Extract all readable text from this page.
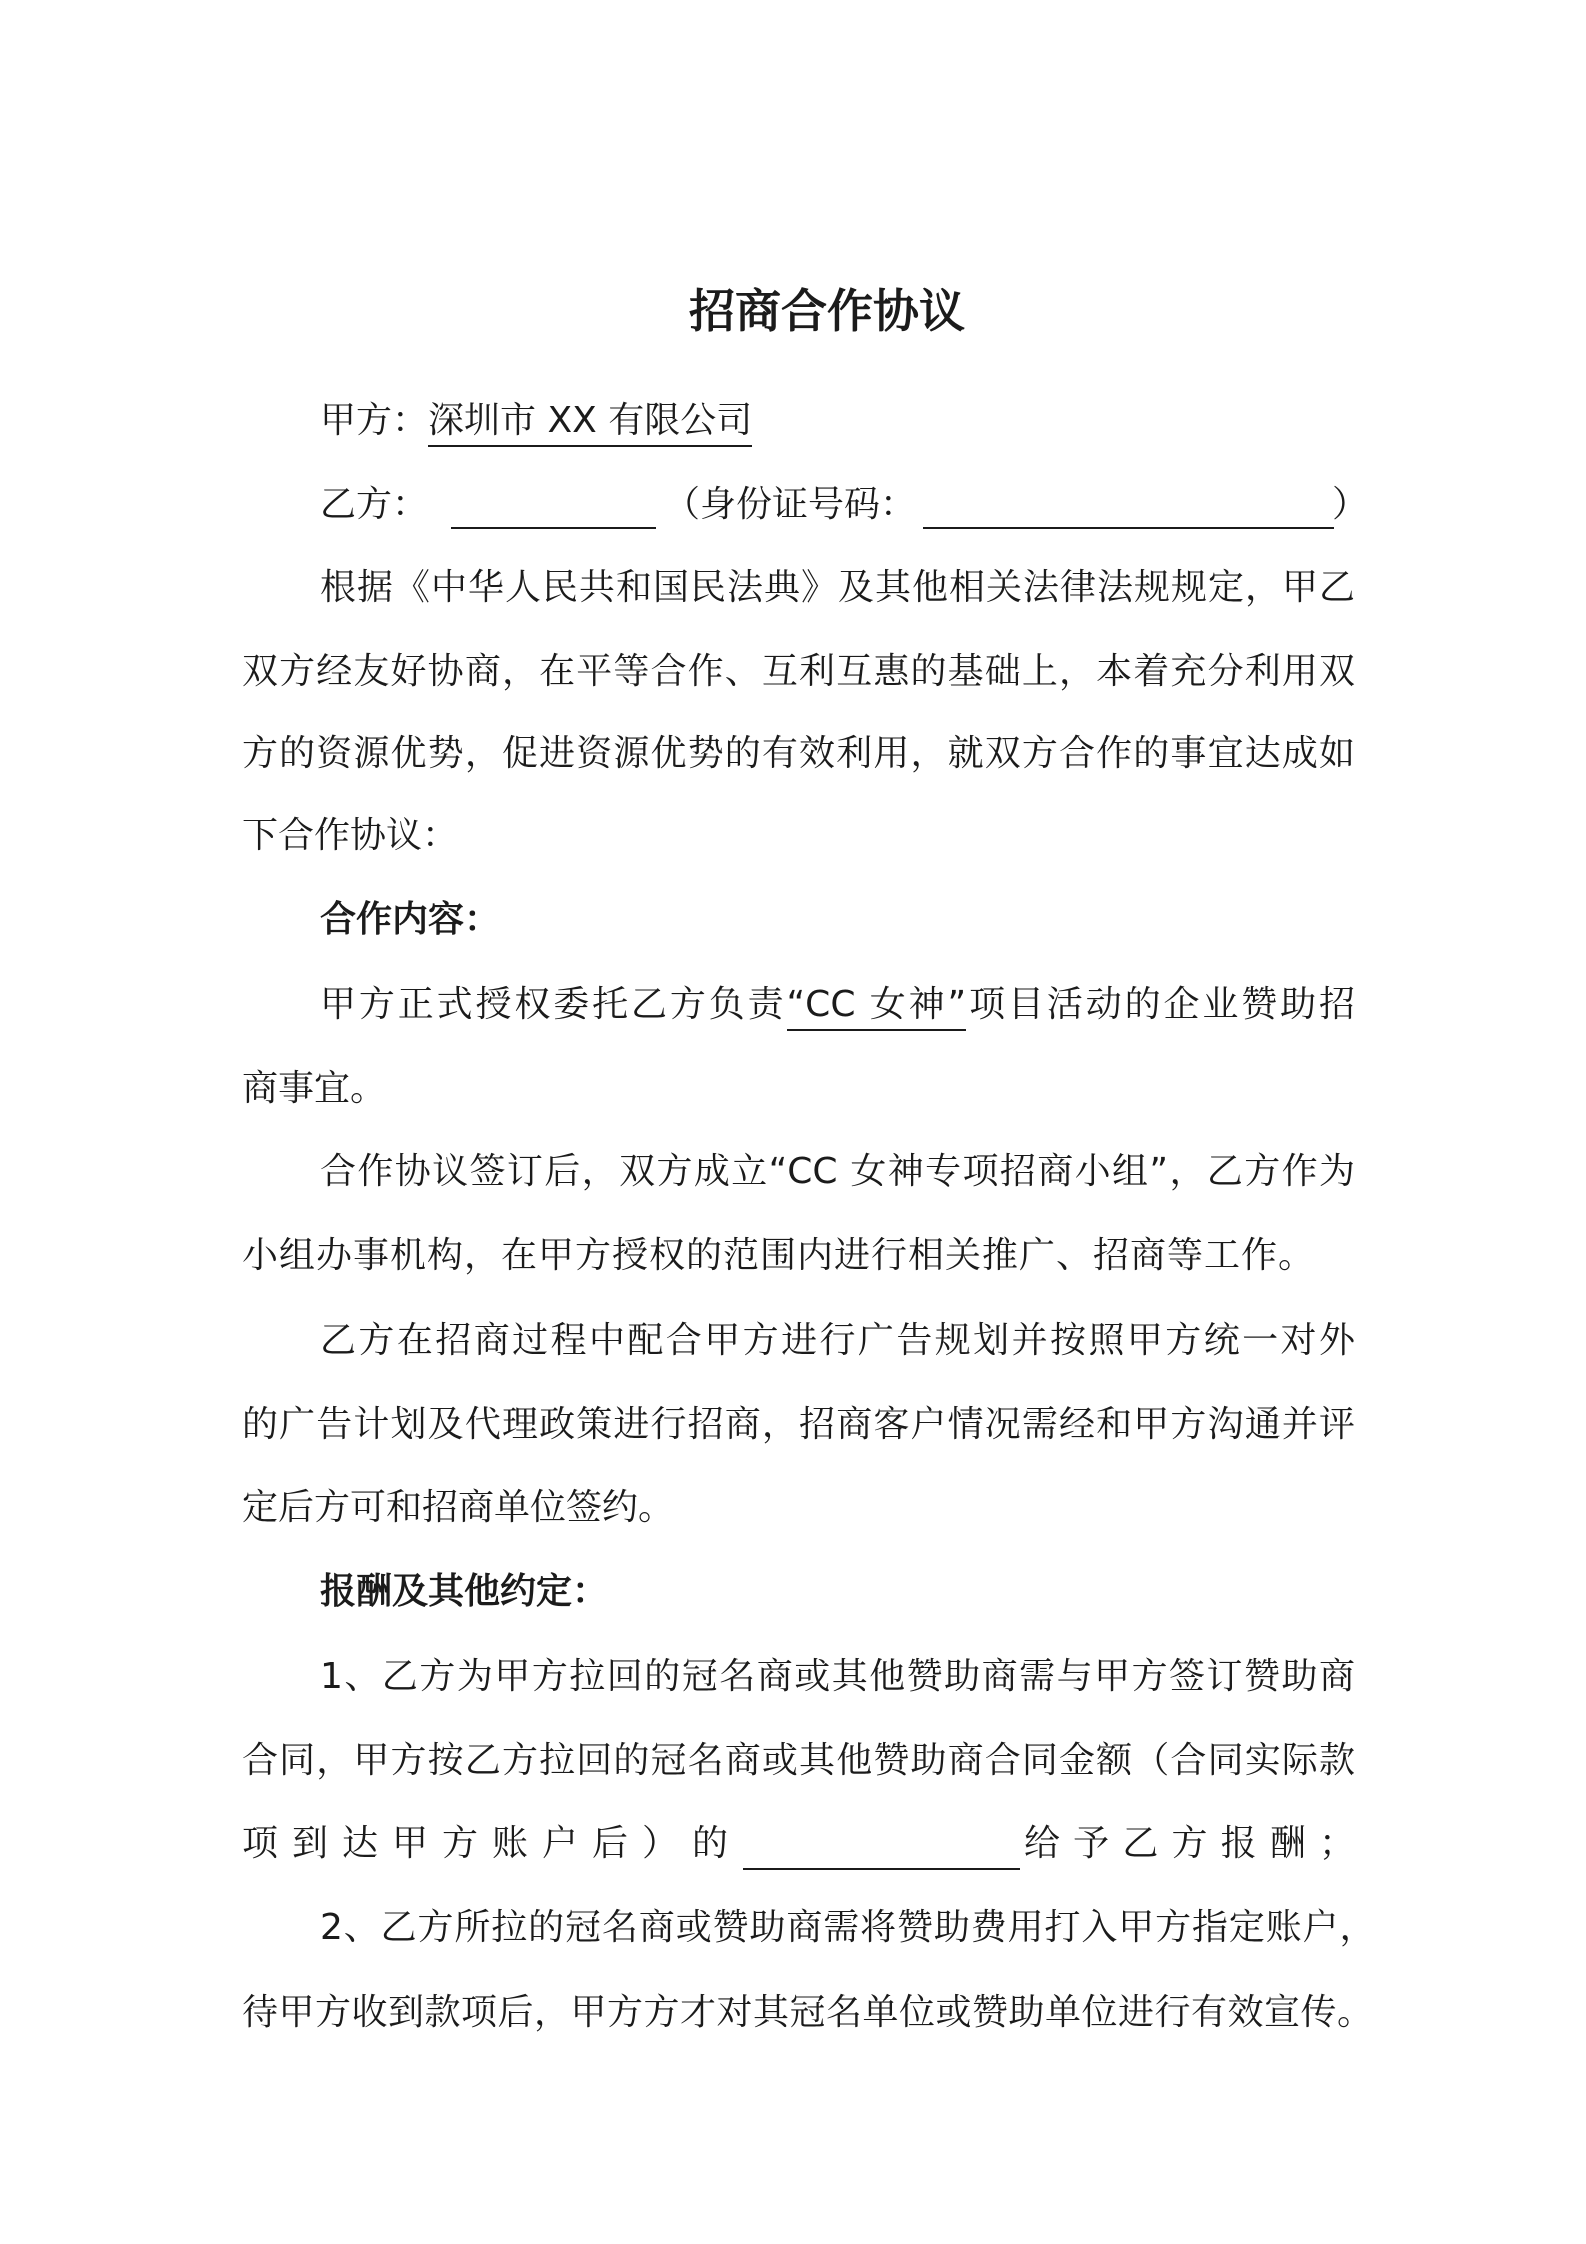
招商合作协议
甲方：深圳市 XX 有限公司
乙方：	（身份证号码：	）
根据《中华人民共和国民法典》及其他相关法律法规规定，甲乙
双方经友好协商，在平等合作、互利互惠的基础上，本着充分利用双
方的资源优势，促进资源优势的有效利用，就双方合作的事宜达成如
下合作协议：
合作内容：
甲方正式授权委托乙方负责“CC 女神”项目活动的企业赞助招
商事宜。
合作协议签订后，双方成立“CC 女神专项招商小组”，乙方作为
小组办事机构，在甲方授权的范围内进行相关推广、招商等工作。
乙方在招商过程中配合甲方进行广告规划并按照甲方统一对外
的广告计划及代理政策进行招商，招商客户情况需经和甲方沟通并评
定后方可和招商单位签约。
报酬及其他约定：
1、乙方为甲方拉回的冠名商或其他赞助商需与甲方签订赞助商
合同，甲方按乙方拉回的冠名商或其他赞助商合同金额（合同实际款
项到达甲方账户后）的	给予乙方报酬；
2、乙方所拉的冠名商或赞助商需将赞助费用打入甲方指定账户，
待甲方收到款项后，甲方方才对其冠名单位或赞助单位进行有效宣传。
